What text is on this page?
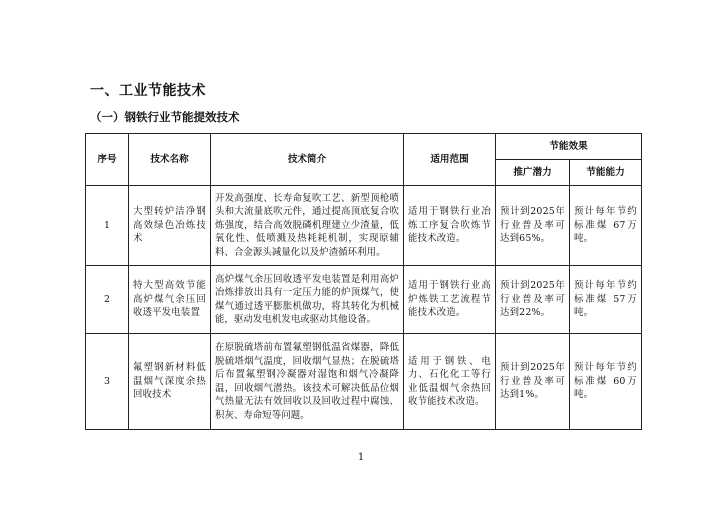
一、工业节能技术
（一）钢铁行业节能提效技术
序号	技术名称	技术简介	适用范围	节能效果	
				推广潜力	节能能力
1	大型转炉洁净钢高效绿色冶炼技术	开发高强度、长寿命复吹工艺、新型顶枪喷头和大流量底吹元件，通过提高顶底复合吹炼强度，结合高效脱磷机理建立少渣量，低氧化性、低喷溅及热耗耗机制，实现原辅料、合金源头减量化以及炉渣循环利用。	适用于钢铁行业冶炼工序复合吹炼节能技术改造。	预计到2025年行业普及率可达到65%。	预计每年节约标准煤 67万吨。
2	特大型高效节能高炉煤气余压回收透平发电装置	高炉煤气余压回收透平发电装置是利用高炉冶炼排放出具有一定压力能的炉顶煤气，使煤气通过透平膨胀机做功，将其转化为机械能，驱动发电机发电或驱动其他设备。	适用于钢铁行业高炉炼铁工艺流程节能技术改造。	预计到2025年行业普及率可达到22%。	预计每年节约标准煤 57万吨。
3	氟塑钢新材料低温烟气深度余热回收技术	在原脱硫塔前布置氟塑钢低温省煤器，降低脱硫塔烟气温度，回收烟气显热；在脱硫塔后布置氟塑钢冷凝器对湿饱和烟气冷凝降温，回收烟气潜热。该技术可解决低品位烟气热量无法有效回收以及回收过程中腐蚀、积灰、寿命短等问题。	适用于钢铁、电力、石化化工等行业低温烟气余热回收节能技术改造。	预计到2025年行业普及率可达到1%。	预计每年节约标准煤 60万吨。
1
